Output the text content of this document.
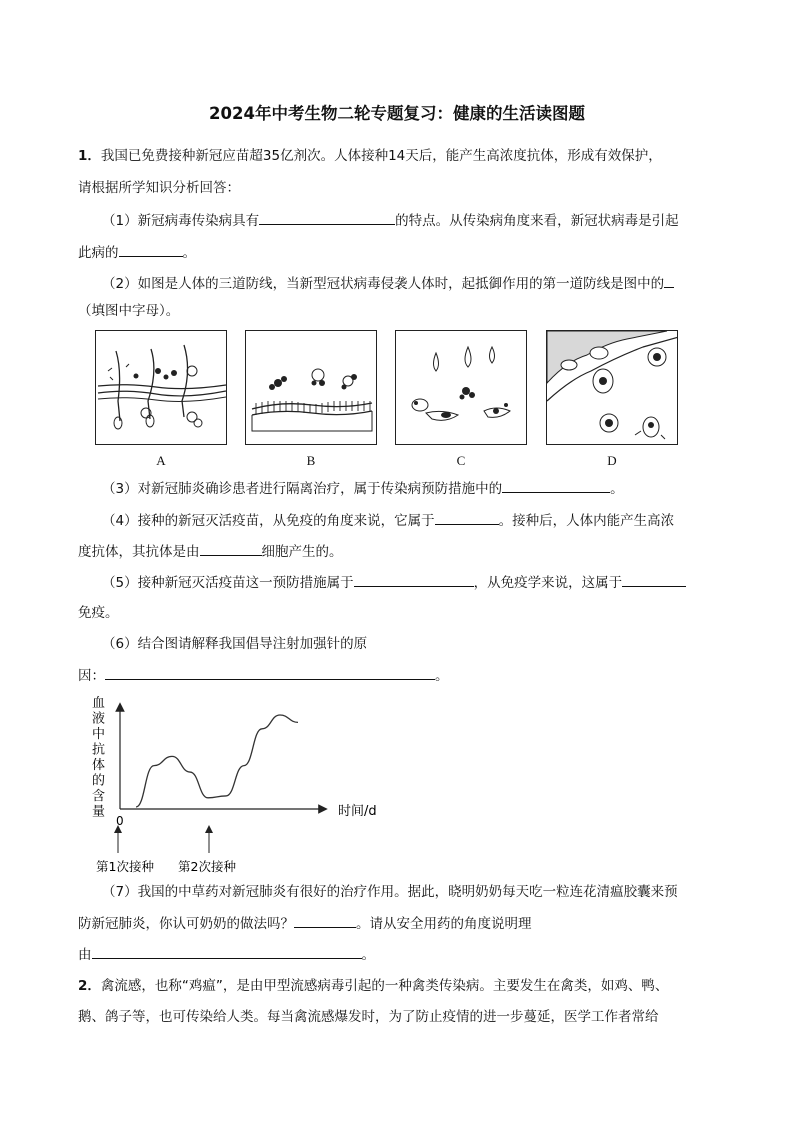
2024年中考生物二轮专题复习：健康的生活读图题
1．我国已免费接种新冠应苗超35亿剂次。人体接种14天后，能产生高浓度抗体，形成有效保护，
请根据所学知识分析回答：
（1）新冠病毒传染病具有	的特点。从传染病角度来看，新冠状病毒是引起
此病的	。
（2）如图是人体的三道防线，当新型冠状病毒侵袭人体时，起抵御作用的第一道防线是图中的
（填图中字母）。
A	B	C	D
（3）对新冠肺炎确诊患者进行隔离治疗，属于传染病预防措施中的	。
（4）接种的新冠灭活疫苗，从免疫的角度来说，它属于	。接种后，人体内能产生高浓
度抗体，其抗体是由	细胞产生的。
（5）接种新冠灭活疫苗这一预防措施属于	，从免疫学来说，这属于
免疫。
（6）结合图请解释我国倡导注射加强针的原
因：	。
血
液
中
抗
体
的
含
量	时间/d
0
第1次接种 第2次接种
（7）我国的中草药对新冠肺炎有很好的治疗作用。据此，晓明奶奶每天吃一粒连花清瘟胶囊来预
防新冠肺炎，你认可奶奶的做法吗？	。请从安全用药的角度说明理
由	。
2．禽流感，也称“鸡瘟”，是由甲型流感病毒引起的一种禽类传染病。主要发生在禽类，如鸡、鸭、
鹅、鸽子等，也可传染给人类。每当禽流感爆发时，为了防止疫情的进一步蔓延，医学工作者常给
